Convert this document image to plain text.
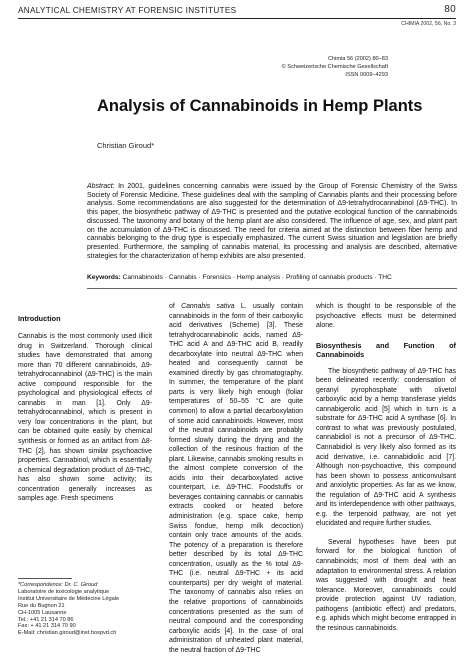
ANALYTICAL CHEMISTRY AT FORENSIC INSTITUTES	80
CHIMIA 2002, 56, No. 3
Chimia 56 (2002) 80–83
© Schweizerische Chemische Gesellschaft
ISSN 0009–4293
Analysis of Cannabinoids in Hemp Plants
Christian Giroud*
Abstract: In 2001, guidelines concerning cannabis were issued by the Group of Forensic Chemistry of the Swiss Society of Forensic Medicine. These guidelines deal with the sampling of Cannabis plants and their processing before analysis. Some recommendations are also suggested for the determination of Δ9-tetrahydrocannabinol (Δ9-THC). In this paper, the biosynthetic pathway of Δ9-THC is presented and the putative ecological function of the cannabinoids discussed. The taxonomy and botany of the hemp plant are also considered. The influence of age, sex, and plant part on the accumulation of Δ9-THC is discussed. The need for criteria aimed at the distinction between fiber hemp and cannabis belonging to the drug type is especially emphasized. The current Swiss situation and legislation are briefly presented. Furthermore, the sampling of cannabis material, its processing and analysis are described, alternative strategies for the characterization of hemp exhibits are also presented.
Keywords: Cannabinoids · Cannabis · Forensics · Hemp analysis · Profiling of cannabis products · THC

Introduction

Cannabis is the most commonly used illicit drug in Switzerland. Thorough clinical studies have demonstrated that among more than 70 different cannabinoids, Δ9-tetrahydrocannabinol (Δ9-THC) is the main active compound responsible for the psychological and physiological effects of cannabis in man [1]. Only Δ9-tetrahydrocannabinol, which is present in very low concentrations in the plant, but can be obtained quite easily by chemical synthesis or formed as an artifact from Δ8-THC [2], has shown similar psychoactive properties. Cannabinol, which is essentially a chemical degradation product of Δ9-THC, has also shown some activity; its concentration generally increases as samples age. Fresh specimens

of Cannabis sativa L. usually contain cannabinoids in the form of their carboxylic acid derivatives (Scheme) [3]. These tetrahydrocannabinolic acids, named Δ9-THC acid A and Δ9-THC acid B, readily decarboxylate into neutral Δ9-THC when heated and consequently cannot be examined directly by gas chromatography. In summer, the temperature of the plant parts is very likely high enough (foliar temperatures of 50–55 °C are quite common) to allow a partial decarboxylation of some acid cannabinoids. However, most of the neutral cannabinoids are probably formed slowly during the drying and the collection of the resinous fraction of the plant. Likewise, cannabis smoking results in the almost complete conversion of the acids into their decarboxylated active counterpart, i.e. Δ9-THC. Foodstuffs or beverages containing cannabis or cannabis extracts cooked or heated before administration (e.g. space cake, hemp Swiss fondue, hemp milk decoction) contain only trace amounts of the acids. The potency of a preparation is therefore better described by its total Δ9-THC concentration, usually as the % total Δ9-THC (i.e. neutral Δ9-THC + its acid counterparts) per dry weight of material. The taxonomy of cannabis also relies on the relative proportions of cannabinoids concentrations presented as the sum of neutral compound and the corresponding carboxylic acids [4]. In the case of oral administration of unheated plant material, the neutral fraction of Δ9-THC

which is thought to be responsible of the psychoactive effects must be determined alone.

Biosynthesis and Function of Cannabinoids

The biosynthetic pathway of Δ9-THC has been delineated recently: condensation of geranyl pyrophosphate with olivetol carboxylic acid by a hemp transferase yields cannabigerolic acid [5] which in turn is a substrate for Δ9-THC acid A synthase [6]. In contrast to what was previously postulated, cannabidiol is not a precursor of Δ9-THC. Cannabidiol is very likely also formed as its acid derivative, i.e. cannabidiolic acid [7]. Although non-psychoactive, this compound has been shown to possess anticonvulsant and anxiolytic properties. As far as we know, the regulation of Δ9-THC acid A synthesis and its interdependence with other pathways, e.g. the terpenoid pathway, are not yet elucidated and require further studies.

Several hypotheses have been put forward for the biological function of cannabinoids; most of them deal with an adaptation to environmental stress. A relation was suggested with drought and heat tolerance. Moreover, cannabinoids could provide protection against UV radiation, pathogens (antibiotic effect) and predators, e.g. aphids which might become entrapped in the resinous cannabinoids.

*Correspondence: Dr. C. Giroud
Laboratoire de toxicologie analytique
Institut Universitaire de Médecine Légale
Rue du Bugnon 21
CH-1005 Lausanne
Tel.: +41 21 314 70 86
Fax: + 41 21 314 70 90
E-Mail: christian.giroud@inst.hospvd.ch
